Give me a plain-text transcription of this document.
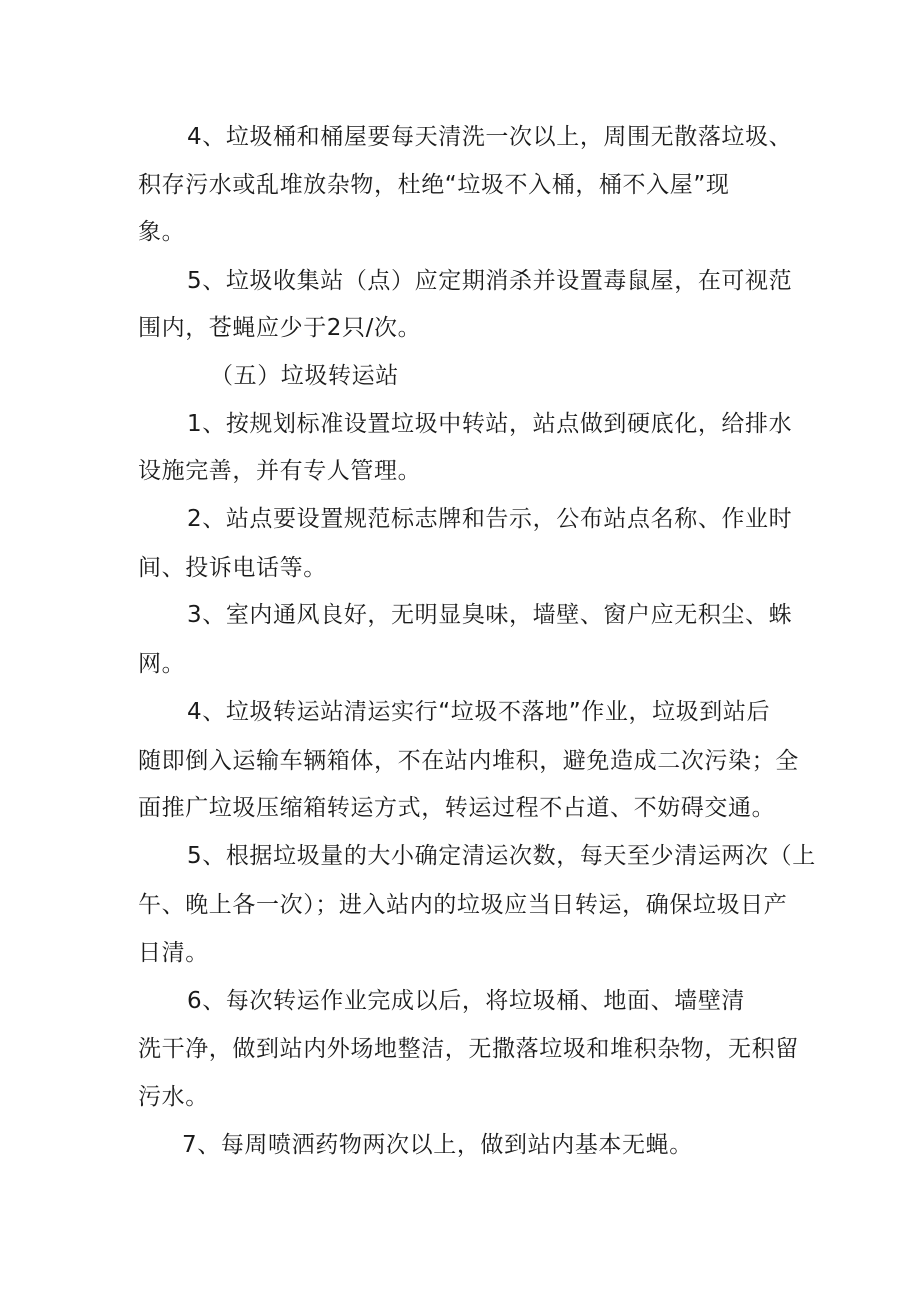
4、垃圾桶和桶屋要每天清洗一次以上，周围无散落垃圾、
积存污水或乱堆放杂物，杜绝“垃圾不入桶，桶不入屋”现
象。
5、垃圾收集站（点）应定期消杀并设置毒鼠屋，在可视范
围内，苍蝇应少于2只/次。
（五）垃圾转运站
1、按规划标准设置垃圾中转站，站点做到硬底化，给排水
设施完善，并有专人管理。
2、站点要设置规范标志牌和告示，公布站点名称、作业时
间、投诉电话等。
3、室内通风良好，无明显臭味，墙壁、窗户应无积尘、蛛
网。
4、垃圾转运站清运实行“垃圾不落地”作业，垃圾到站后
随即倒入运输车辆箱体，不在站内堆积，避免造成二次污染；全
面推广垃圾压缩箱转运方式，转运过程不占道、不妨碍交通。
5、根据垃圾量的大小确定清运次数，每天至少清运两次（上
午、晚上各一次）；进入站内的垃圾应当日转运，确保垃圾日产
日清。
6、每次转运作业完成以后，将垃圾桶、地面、墙壁清
洗干净，做到站内外场地整洁，无撒落垃圾和堆积杂物，无积留
污水。
7、每周喷洒药物两次以上，做到站内基本无蝇。
